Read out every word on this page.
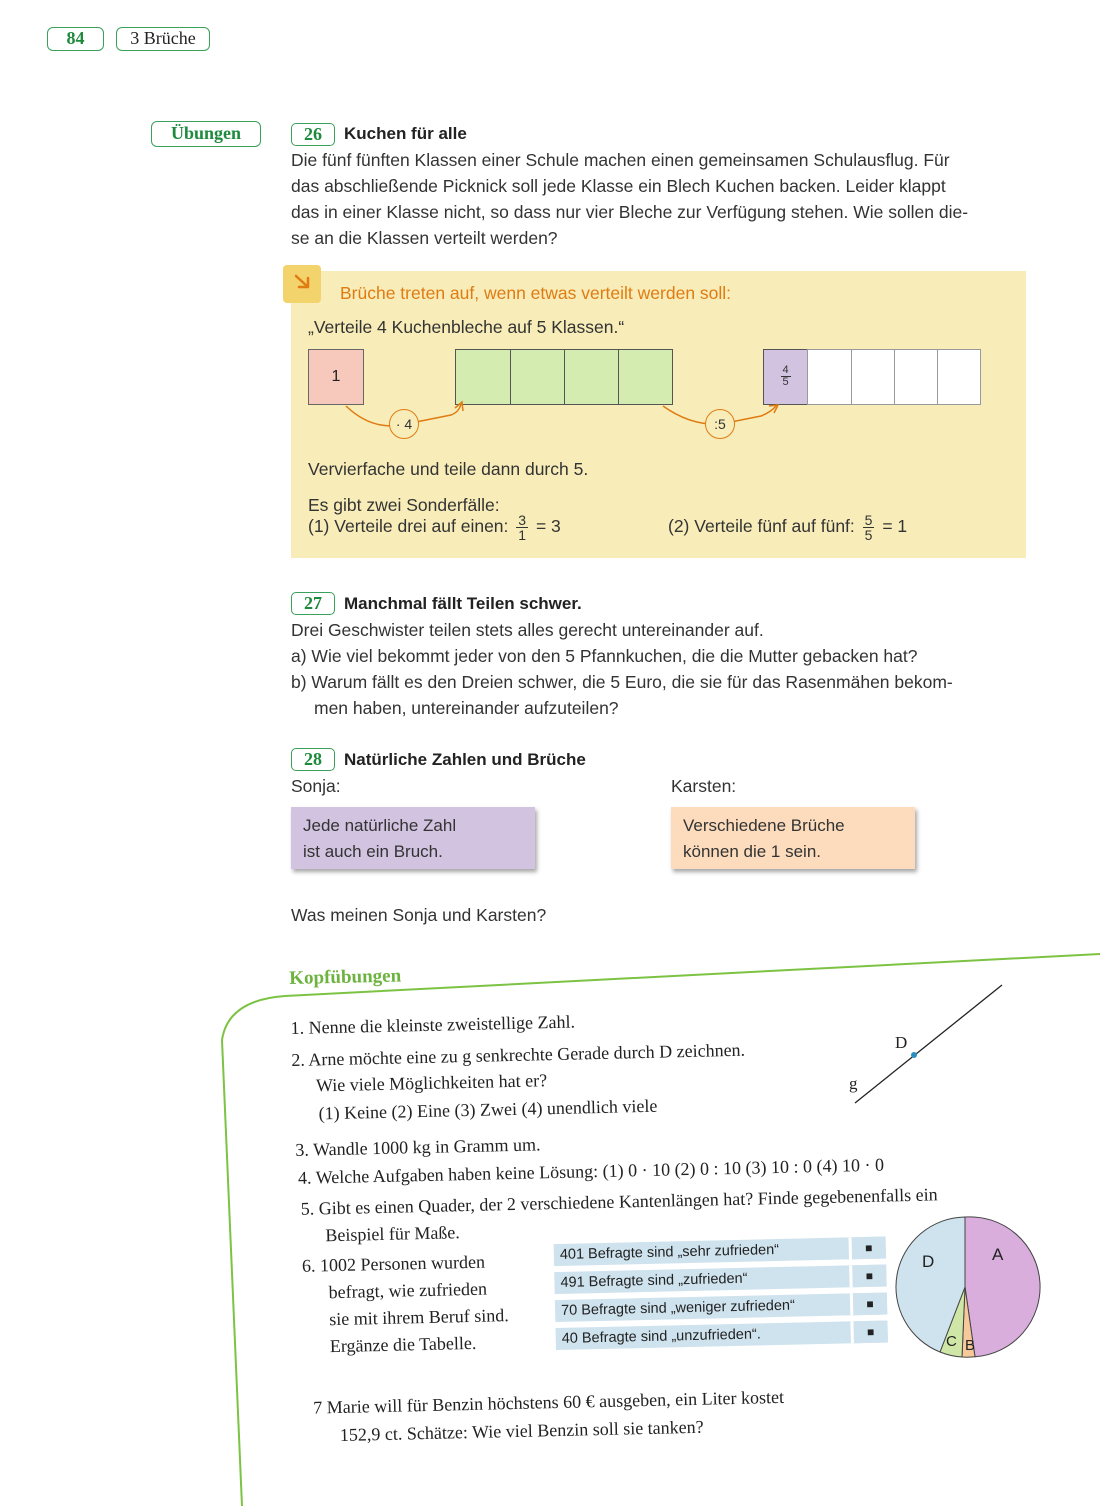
84	3 Brüche
Übungen	26	Kuchen für alle
Die fünf fünften Klassen einer Schule machen einen gemeinsamen Schulausflug. Für
das abschließende Picknick soll jede Klasse ein Blech Kuchen backen. Leider klappt
das in einer Klasse nicht, so dass nur vier Bleche zur Verfügung stehen. Wie sollen die-
se an die Klassen verteilt werden?
Brüche treten auf, wenn etwas verteilt werden soll:
„Verteile 4 Kuchenbleche auf 5 Klassen.“
1	$\frac{4}{5}$
· 4	:5
Vervierfache und teile dann durch 5.
Es gibt zwei Sonderfälle:
(1) Verteile drei auf einen: $\frac{3}{1} = 3$	(2) Verteile fünf auf fünf: $\frac{5}{5} = 1$
27	Manchmal fällt Teilen schwer.
Drei Geschwister teilen stets alles gerecht untereinander auf.
a) Wie viel bekommt jeder von den 5 Pfannkuchen, die die Mutter gebacken hat?
b) Warum fällt es den Dreien schwer, die 5 Euro, die sie für das Rasenmähen bekom-
men haben, untereinander aufzuteilen?
28	Natürliche Zahlen und Brüche
Sonja:	Karsten:
Jede natürliche Zahl
ist auch ein Bruch.
Verschiedene Brüche
können die 1 sein.
Was meinen Sonja und Karsten?
Kopfübungen
1. Nenne die kleinste zweistellige Zahl.
2. Arne möchte eine zu g senkrechte Gerade durch D zeichnen.
Wie viele Möglichkeiten hat er?
(1) Keine (2) Eine (3) Zwei (4) unendlich viele
3. Wandle 1000 kg in Gramm um.
4. Welche Aufgaben haben keine Lösung: (1) 0 · 10 (2) 0 : 10 (3) 10 : 0 (4) 10 · 0
5. Gibt es einen Quader, der 2 verschiedene Kantenlängen hat? Finde gegebenenfalls ein
Beispiel für Maße.
6. 1002 Personen wurden
befragt, wie zufrieden
sie mit ihrem Beruf sind.
Ergänze die Tabelle.
401 Befragte sind „sehr zufrieden“	■
491 Befragte sind „zufrieden“	■
70 Befragte sind „weniger zufrieden“	■
40 Befragte sind „unzufrieden“.	■
7 Marie will für Benzin höchstens 60 € ausgeben, ein Liter kostet
152,9 ct. Schätze: Wie viel Benzin soll sie tanken?
D
g
A
B
C
D
